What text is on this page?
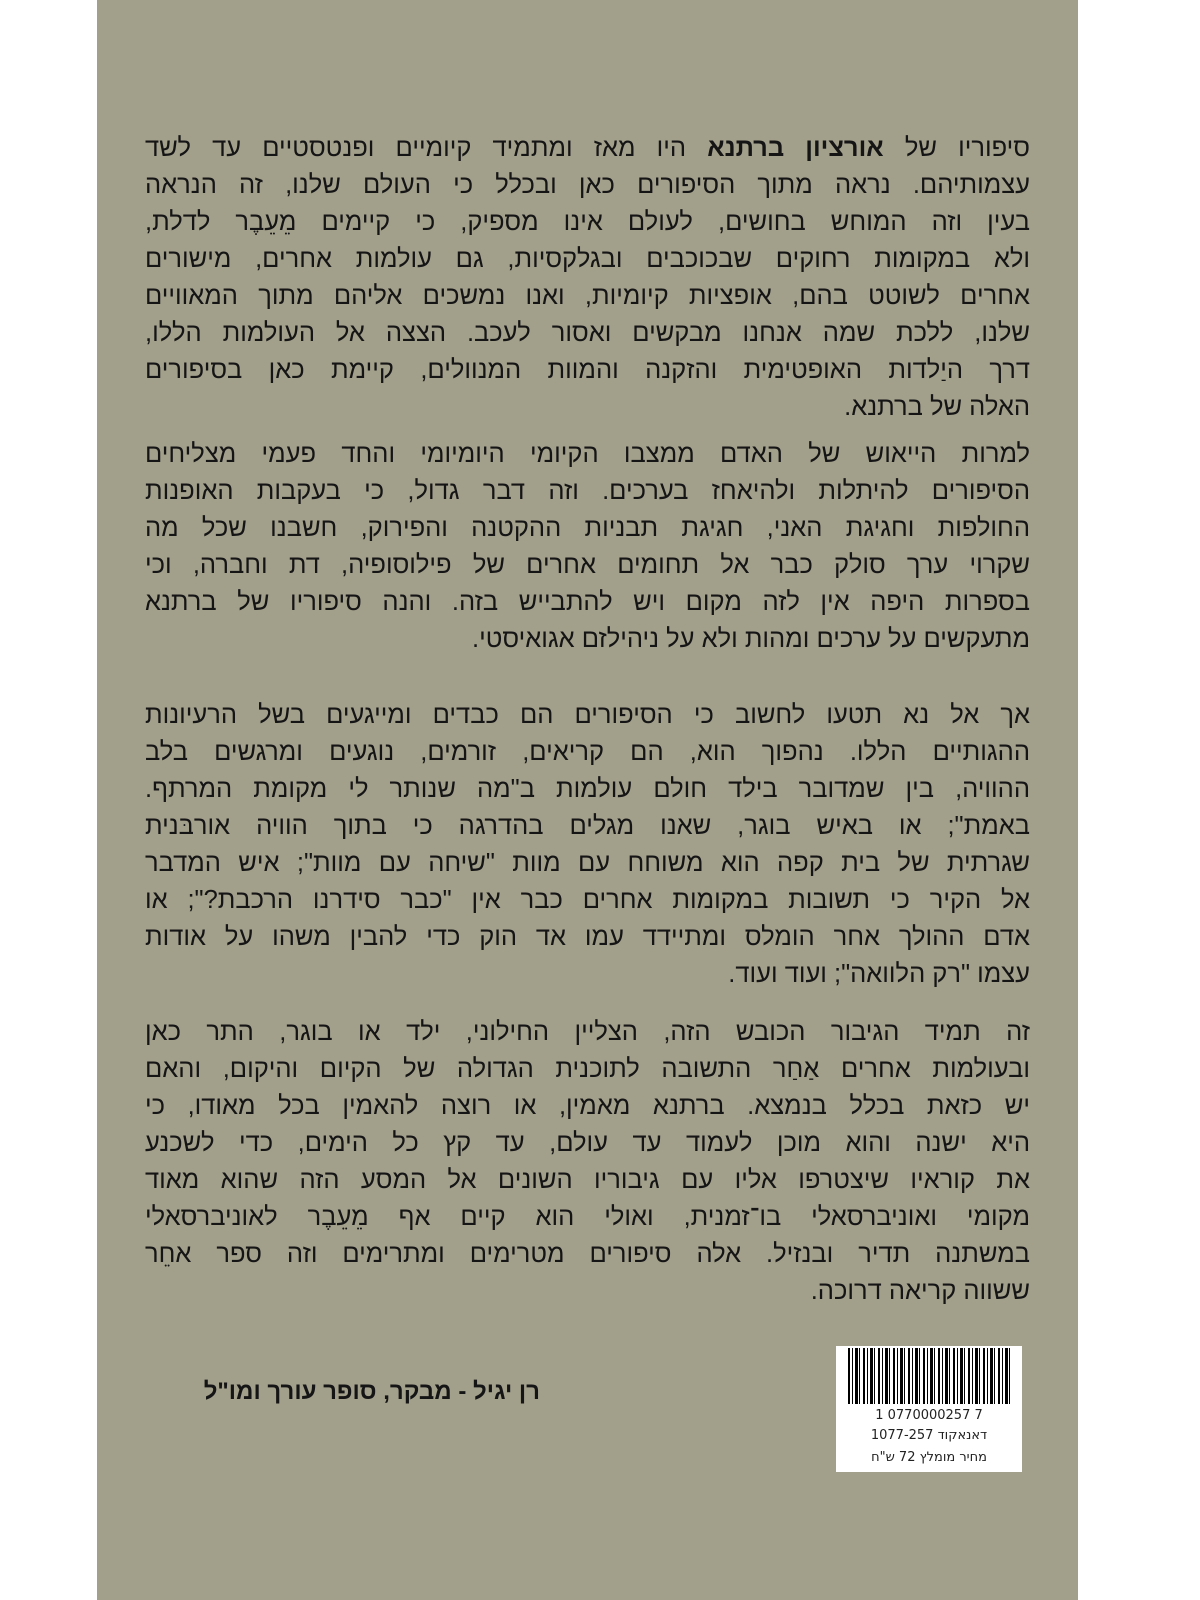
סיפוריו של אורציון ברתנא היו מאז ומתמיד קיומיים ופנטסטיים עד לשד
עצמותיהם. נראה מתוך הסיפורים כאן ובכלל כי העולם שלנו, זה הנראה
בעין וזה המוחש בחושים, לעולם אינו מספיק, כי קיימים מֵעֵבֶר לדלת,
ולא במקומות רחוקים שבכוכבים ובגלקסיות, גם עולמות אחרים, מישורים
אחרים לשוטט בהם, אופציות קיומיות, ואנו נמשכים אליהם מתוך המאוויים
שלנו, ללכת שמה אנחנו מבקשים ואסור לעכב. הצצה אל העולמות הללו,
דרך היַלדות האופטימית והזקנה והמוות המנוולים, קיימת כאן בסיפורים
האלה של ברתנא.
למרות הייאוש של האדם ממצבו הקיומי היומיומי והחד פעמי מצליחים
הסיפורים להיתלות ולהיאחז בערכים. וזה דבר גדול, כי בעקבות האופנות
החולפות וחגיגת האני, חגיגת תבניות ההקטנה והפירוק, חשבנו שכל מה
שקרוי ערך סולק כבר אל תחומים אחרים של פילוסופיה, דת וחברה, וכי
בספרות היפה אין לזה מקום ויש להתבייש בזה. והנה סיפוריו של ברתנא
מתעקשים על ערכים ומהות ולא על ניהילזם אגואיסטי.
אך אל נא תטעו לחשוב כי הסיפורים הם כבדים ומייגעים בשל הרעיונות
ההגותיים הללו. נהפוך הוא, הם קריאים, זורמים, נוגעים ומרגשים בלב
ההוויה, בין שמדובר בילד חולם עולמות ב"מה שנותר לי מקומת המרתף.
באמת"; או באיש בוגר, שאנו מגלים בהדרגה כי בתוך הוויה אורבּנית
שגרתית של בית קפה הוא משוחח עם מוות "שיחה עם מוות"; איש המדבר
אל הקיר כי תשובות במקומות אחרים כבר אין "כבר סידרנו הרכבת?"; או
אדם ההולך אחר הומלס ומתיידד עמו אד הוק כדי להבין משהו על אודות
עצמו "רק הלוואה"; ועוד ועוד.
זה תמיד הגיבור הכובש הזה, הצליין החילוני, ילד או בוגר, התר כאן
ובעולמות אחרים אַחַר התשובה לתוכנית הגדולה של הקיום והיקום, והאם
יש כזאת בכלל בנמצא. ברתנא מאמין, או רוצה להאמין בכל מאודו, כי
היא ישנה והוא מוכן לעמוד עד עולם, עד קץ כל הימים, כדי לשכנע
את קוראיו שיצטרפו אליו עם גיבוריו השונים אל המסע הזה שהוא מאוד
מקומי ואוניברסאלי בו־זמנית, ואולי הוא קיים אף מֵעֵבֶר לאוניברסאלי
במשתנה תדיר ובנזיל. אלה סיפורים מטרימים ומתרימים וזה ספר אחֵר
ששווה קריאה דרוכה.
רן יגיל - מבקר, סופר עורך ומו"ל
1 0770000257 7
דאנאקוד 1077-257
מחיר מומלץ 72 ש"ח
